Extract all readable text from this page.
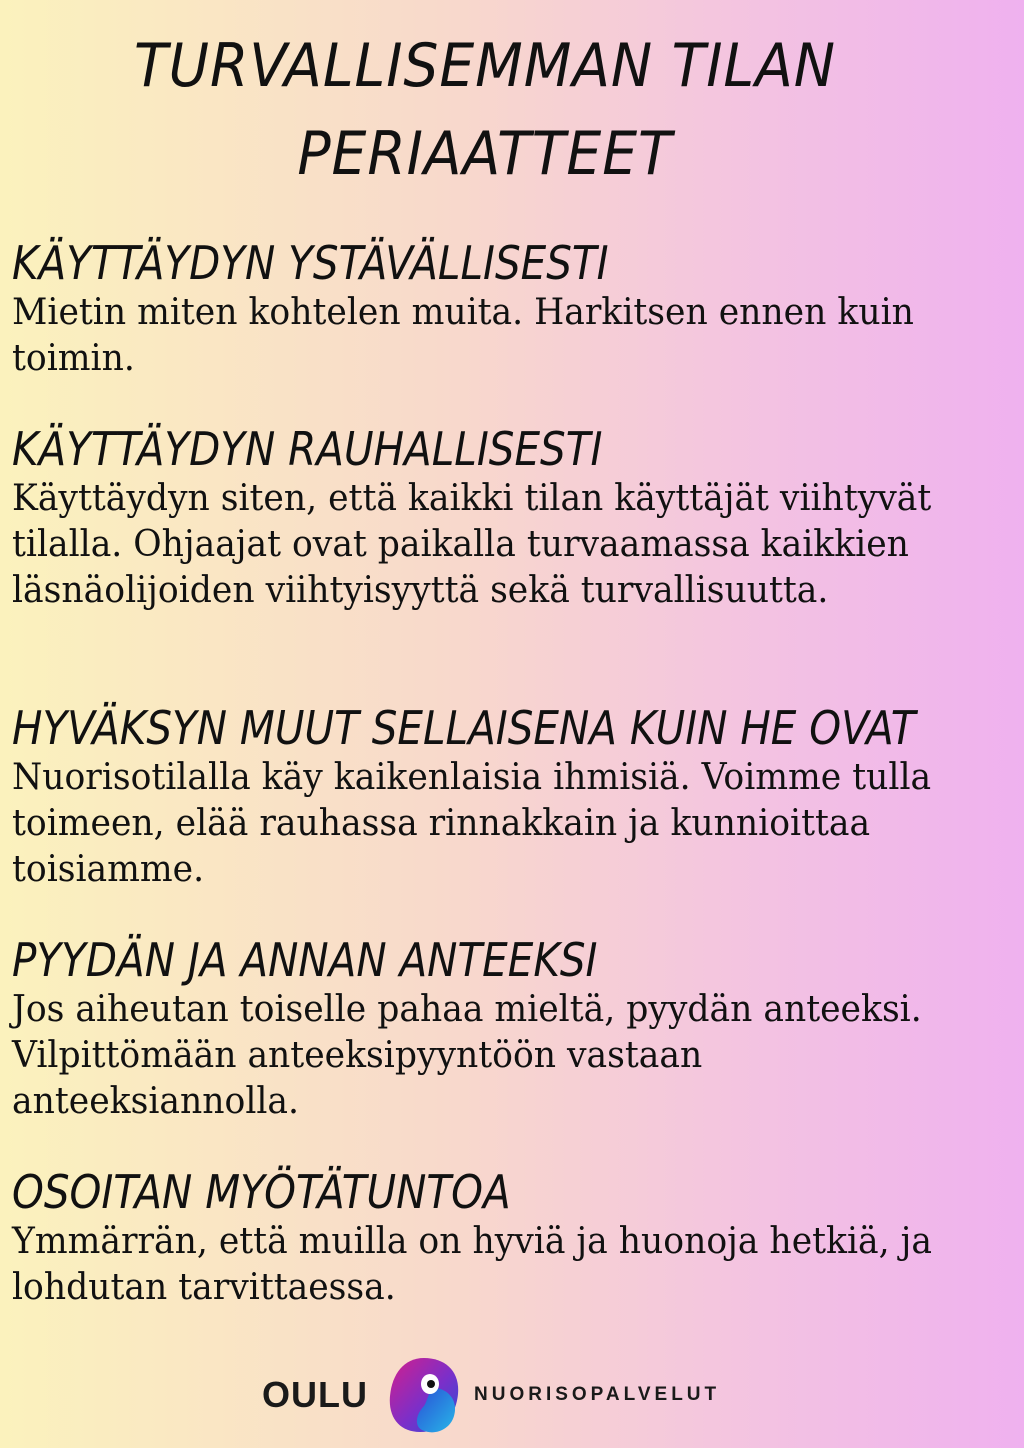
TURVALLISEMMAN TILAN
PERIAATTEET
KÄYTTÄYDYN YSTÄVÄLLISESTI

Mietin miten kohtelen muita. Harkitsen ennen kuin toimin.

KÄYTTÄYDYN RAUHALLISESTI

Käyttäydyn siten, että kaikki tilan käyttäjät viihtyvät tilalla. Ohjaajat ovat paikalla turvaamassa kaikkien läsnäolijoiden viihtyisyyttä sekä turvallisuutta.

HYVÄKSYN MUUT SELLAISENA KUIN HE OVAT

Nuorisotilalla käy kaikenlaisia ihmisiä. Voimme tulla toimeen, elää rauhassa rinnakkain ja kunnioittaa toisiamme.

PYYDÄN JA ANNAN ANTEEKSI

Jos aiheutan toiselle pahaa mieltä, pyydän anteeksi. Vilpittömään anteeksipyyntöön vastaan anteeksiannolla.

OSOITAN MYÖTÄTUNTOA

Ymmärrän, että muilla on hyviä ja huonoja hetkiä, ja lohdutan tarvittaessa.

OULU	NUORISOPALVELUT
